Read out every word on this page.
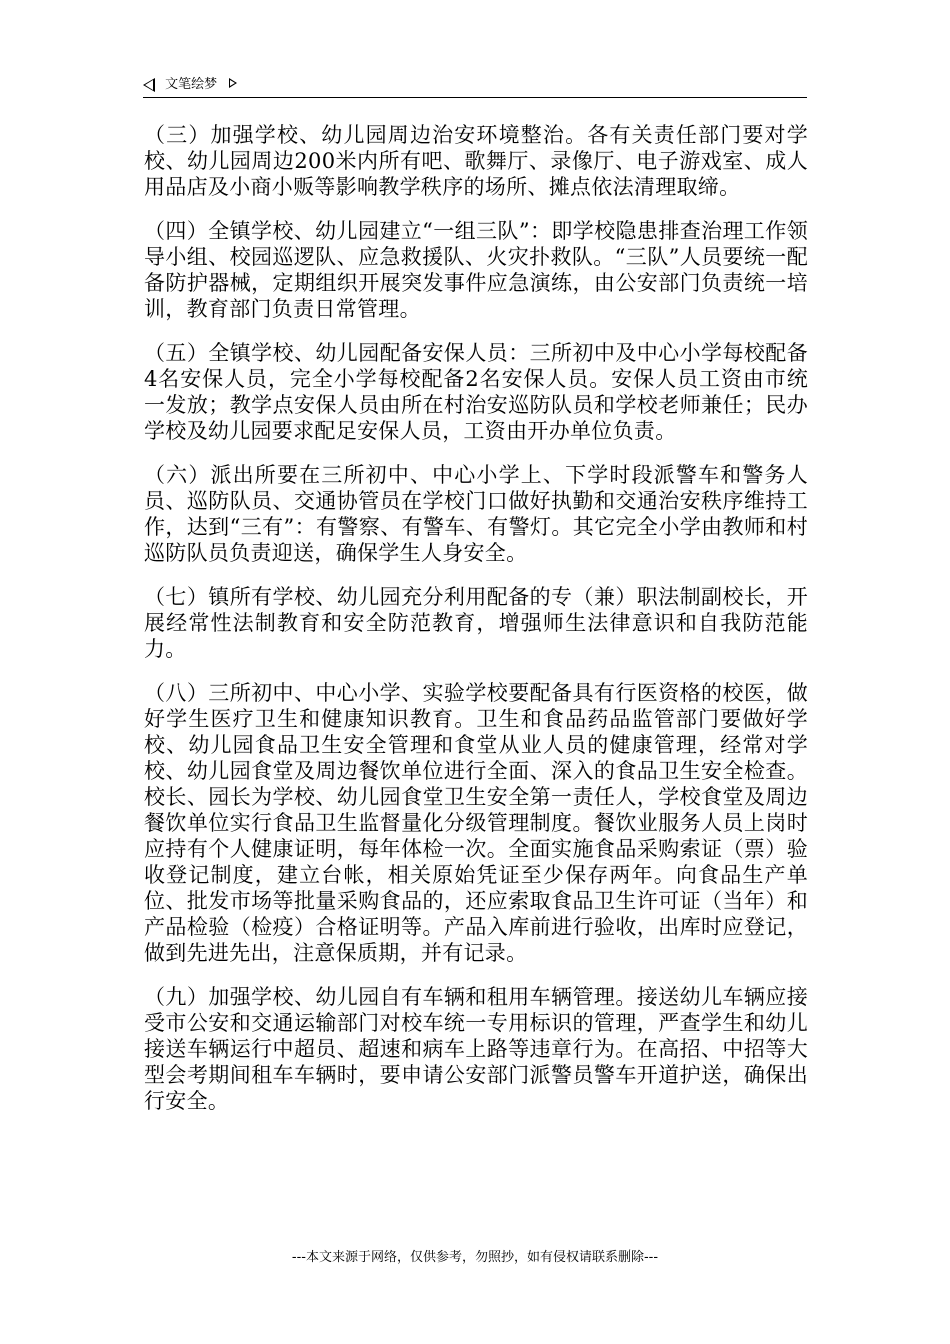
文笔绘梦

（三）加强学校、幼儿园周边治安环境整治。各有关责任部门要对学校、幼儿园周边200米内所有吧、歌舞厅、录像厅、电子游戏室、成人用品店及小商小贩等影响教学秩序的场所、摊点依法清理取缔。

（四）全镇学校、幼儿园建立“一组三队”：即学校隐患排查治理工作领导小组、校园巡逻队、应急救援队、火灾扑救队。“三队”人员要统一配备防护器械，定期组织开展突发事件应急演练，由公安部门负责统一培训，教育部门负责日常管理。

（五）全镇学校、幼儿园配备安保人员：三所初中及中心小学每校配备4名安保人员，完全小学每校配备2名安保人员。安保人员工资由市统一发放；教学点安保人员由所在村治安巡防队员和学校老师兼任；民办学校及幼儿园要求配足安保人员，工资由开办单位负责。

（六）派出所要在三所初中、中心小学上、下学时段派警车和警务人员、巡防队员、交通协管员在学校门口做好执勤和交通治安秩序维持工作，达到“三有”：有警察、有警车、有警灯。其它完全小学由教师和村巡防队员负责迎送，确保学生人身安全。

（七）镇所有学校、幼儿园充分利用配备的专（兼）职法制副校长，开展经常性法制教育和安全防范教育，增强师生法律意识和自我防范能力。

（八）三所初中、中心小学、实验学校要配备具有行医资格的校医，做好学生医疗卫生和健康知识教育。卫生和食品药品监管部门要做好学校、幼儿园食品卫生安全管理和食堂从业人员的健康管理，经常对学校、幼儿园食堂及周边餐饮单位进行全面、深入的食品卫生安全检查。校长、园长为学校、幼儿园食堂卫生安全第一责任人，学校食堂及周边餐饮单位实行食品卫生监督量化分级管理制度。餐饮业服务人员上岗时应持有个人健康证明，每年体检一次。全面实施食品采购索证（票）验收登记制度，建立台帐，相关原始凭证至少保存两年。向食品生产单位、批发市场等批量采购食品的，还应索取食品卫生许可证（当年）和产品检验（检疫）合格证明等。产品入库前进行验收，出库时应登记，做到先进先出，注意保质期，并有记录。

（九）加强学校、幼儿园自有车辆和租用车辆管理。接送幼儿车辆应接受市公安和交通运输部门对校车统一专用标识的管理，严查学生和幼儿接送车辆运行中超员、超速和病车上路等违章行为。在高招、中招等大型会考期间租车车辆时，要申请公安部门派警员警车开道护送，确保出行安全。

---本文来源于网络，仅供参考，勿照抄，如有侵权请联系删除---
